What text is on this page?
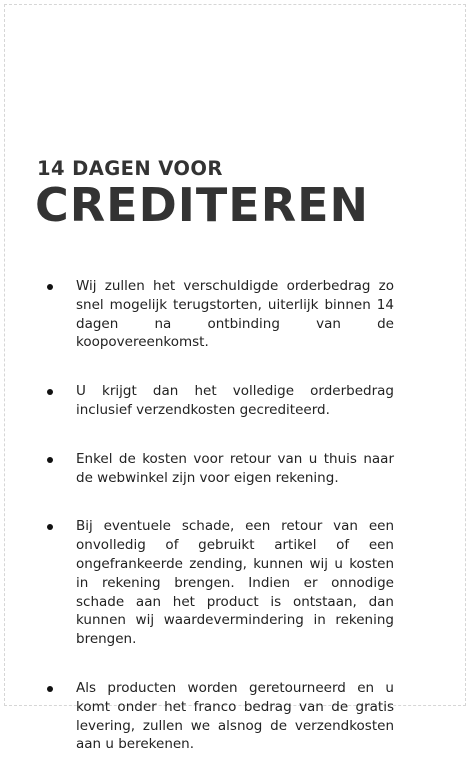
14 DAGEN VOOR
CREDITEREN
Wij zullen het verschuldigde orderbedrag zo snel mogelijk terugstorten, uiterlijk binnen 14 dagen na ontbinding van de koopovereenkomst.
U krijgt dan het volledige orderbedrag inclusief verzendkosten gecrediteerd.
Enkel de kosten voor retour van u thuis naar de webwinkel zijn voor eigen rekening.
Bij eventuele schade, een retour van een onvolledig of gebruikt artikel of een ongefrankeerde zending, kunnen wij u kosten in rekening brengen. Indien er onnodige schade aan het product is ontstaan, dan kunnen wij waardevermindering in rekening brengen.
Als producten worden geretourneerd en u komt onder het franco bedrag van de gratis levering, zullen we alsnog de verzendkosten aan u berekenen.
